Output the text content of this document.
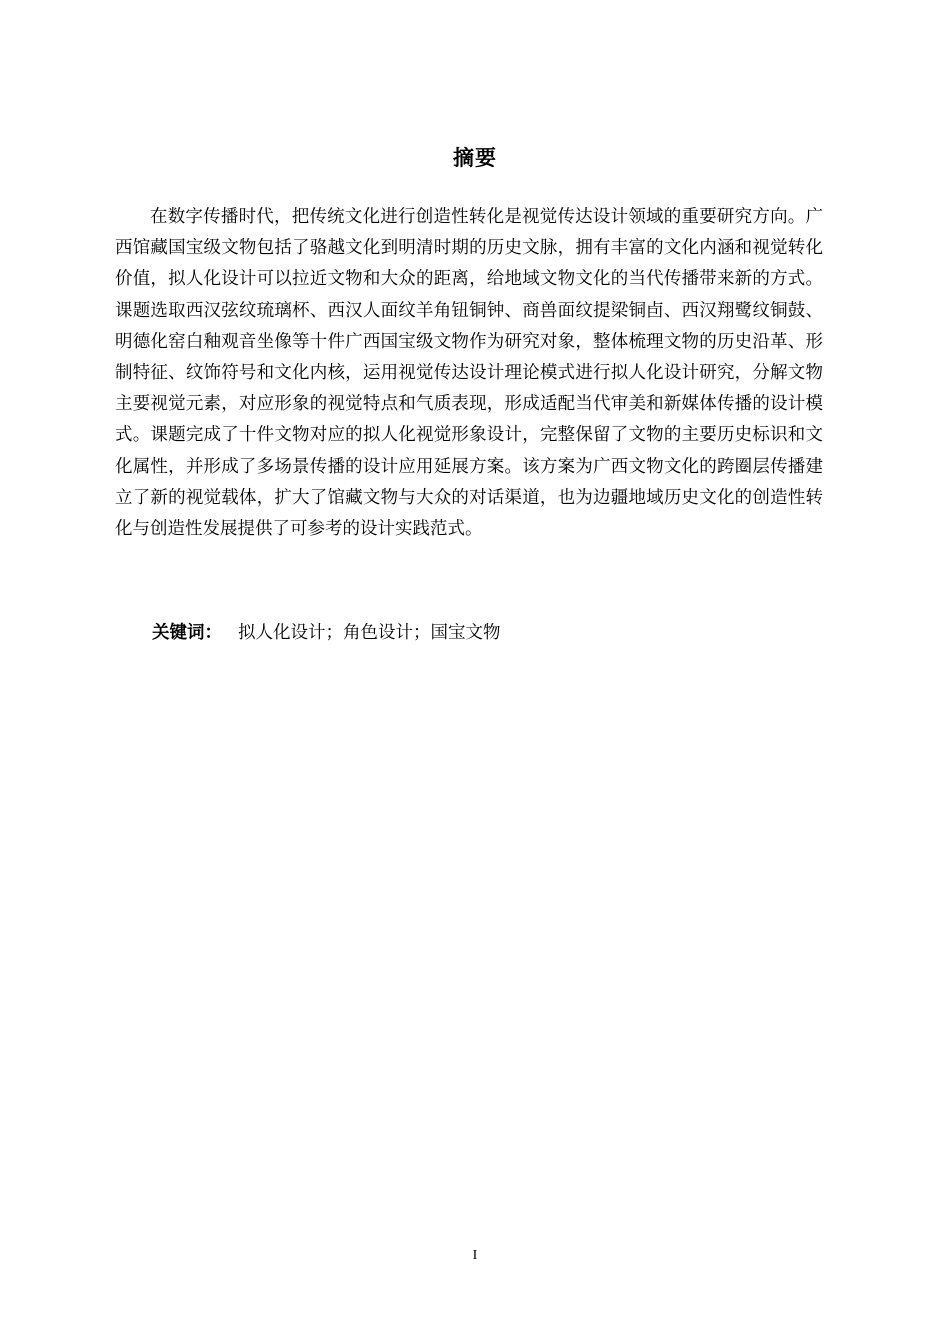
摘要

在数字传播时代，把传统文化进行创造性转化是视觉传达设计领域的重要研究方向。广西馆藏国宝级文物包括了骆越文化到明清时期的历史文脉，拥有丰富的文化内涵和视觉转化价值，拟人化设计可以拉近文物和大众的距离，给地域文物文化的当代传播带来新的方式。课题选取西汉弦纹琉璃杯、西汉人面纹羊角钮铜钟、商兽面纹提梁铜卣、西汉翔鹭纹铜鼓、明德化窑白釉观音坐像等十件广西国宝级文物作为研究对象，整体梳理文物的历史沿革、形制特征、纹饰符号和文化内核，运用视觉传达设计理论模式进行拟人化设计研究，分解文物主要视觉元素，对应形象的视觉特点和气质表现，形成适配当代审美和新媒体传播的设计模式。课题完成了十件文物对应的拟人化视觉形象设计，完整保留了文物的主要历史标识和文化属性，并形成了多场景传播的设计应用延展方案。该方案为广西文物文化的跨圈层传播建立了新的视觉载体，扩大了馆藏文物与大众的对话渠道，也为边疆地域历史文化的创造性转化与创造性发展提供了可参考的设计实践范式。

关键词： 拟人化设计；角色设计；国宝文物
I
